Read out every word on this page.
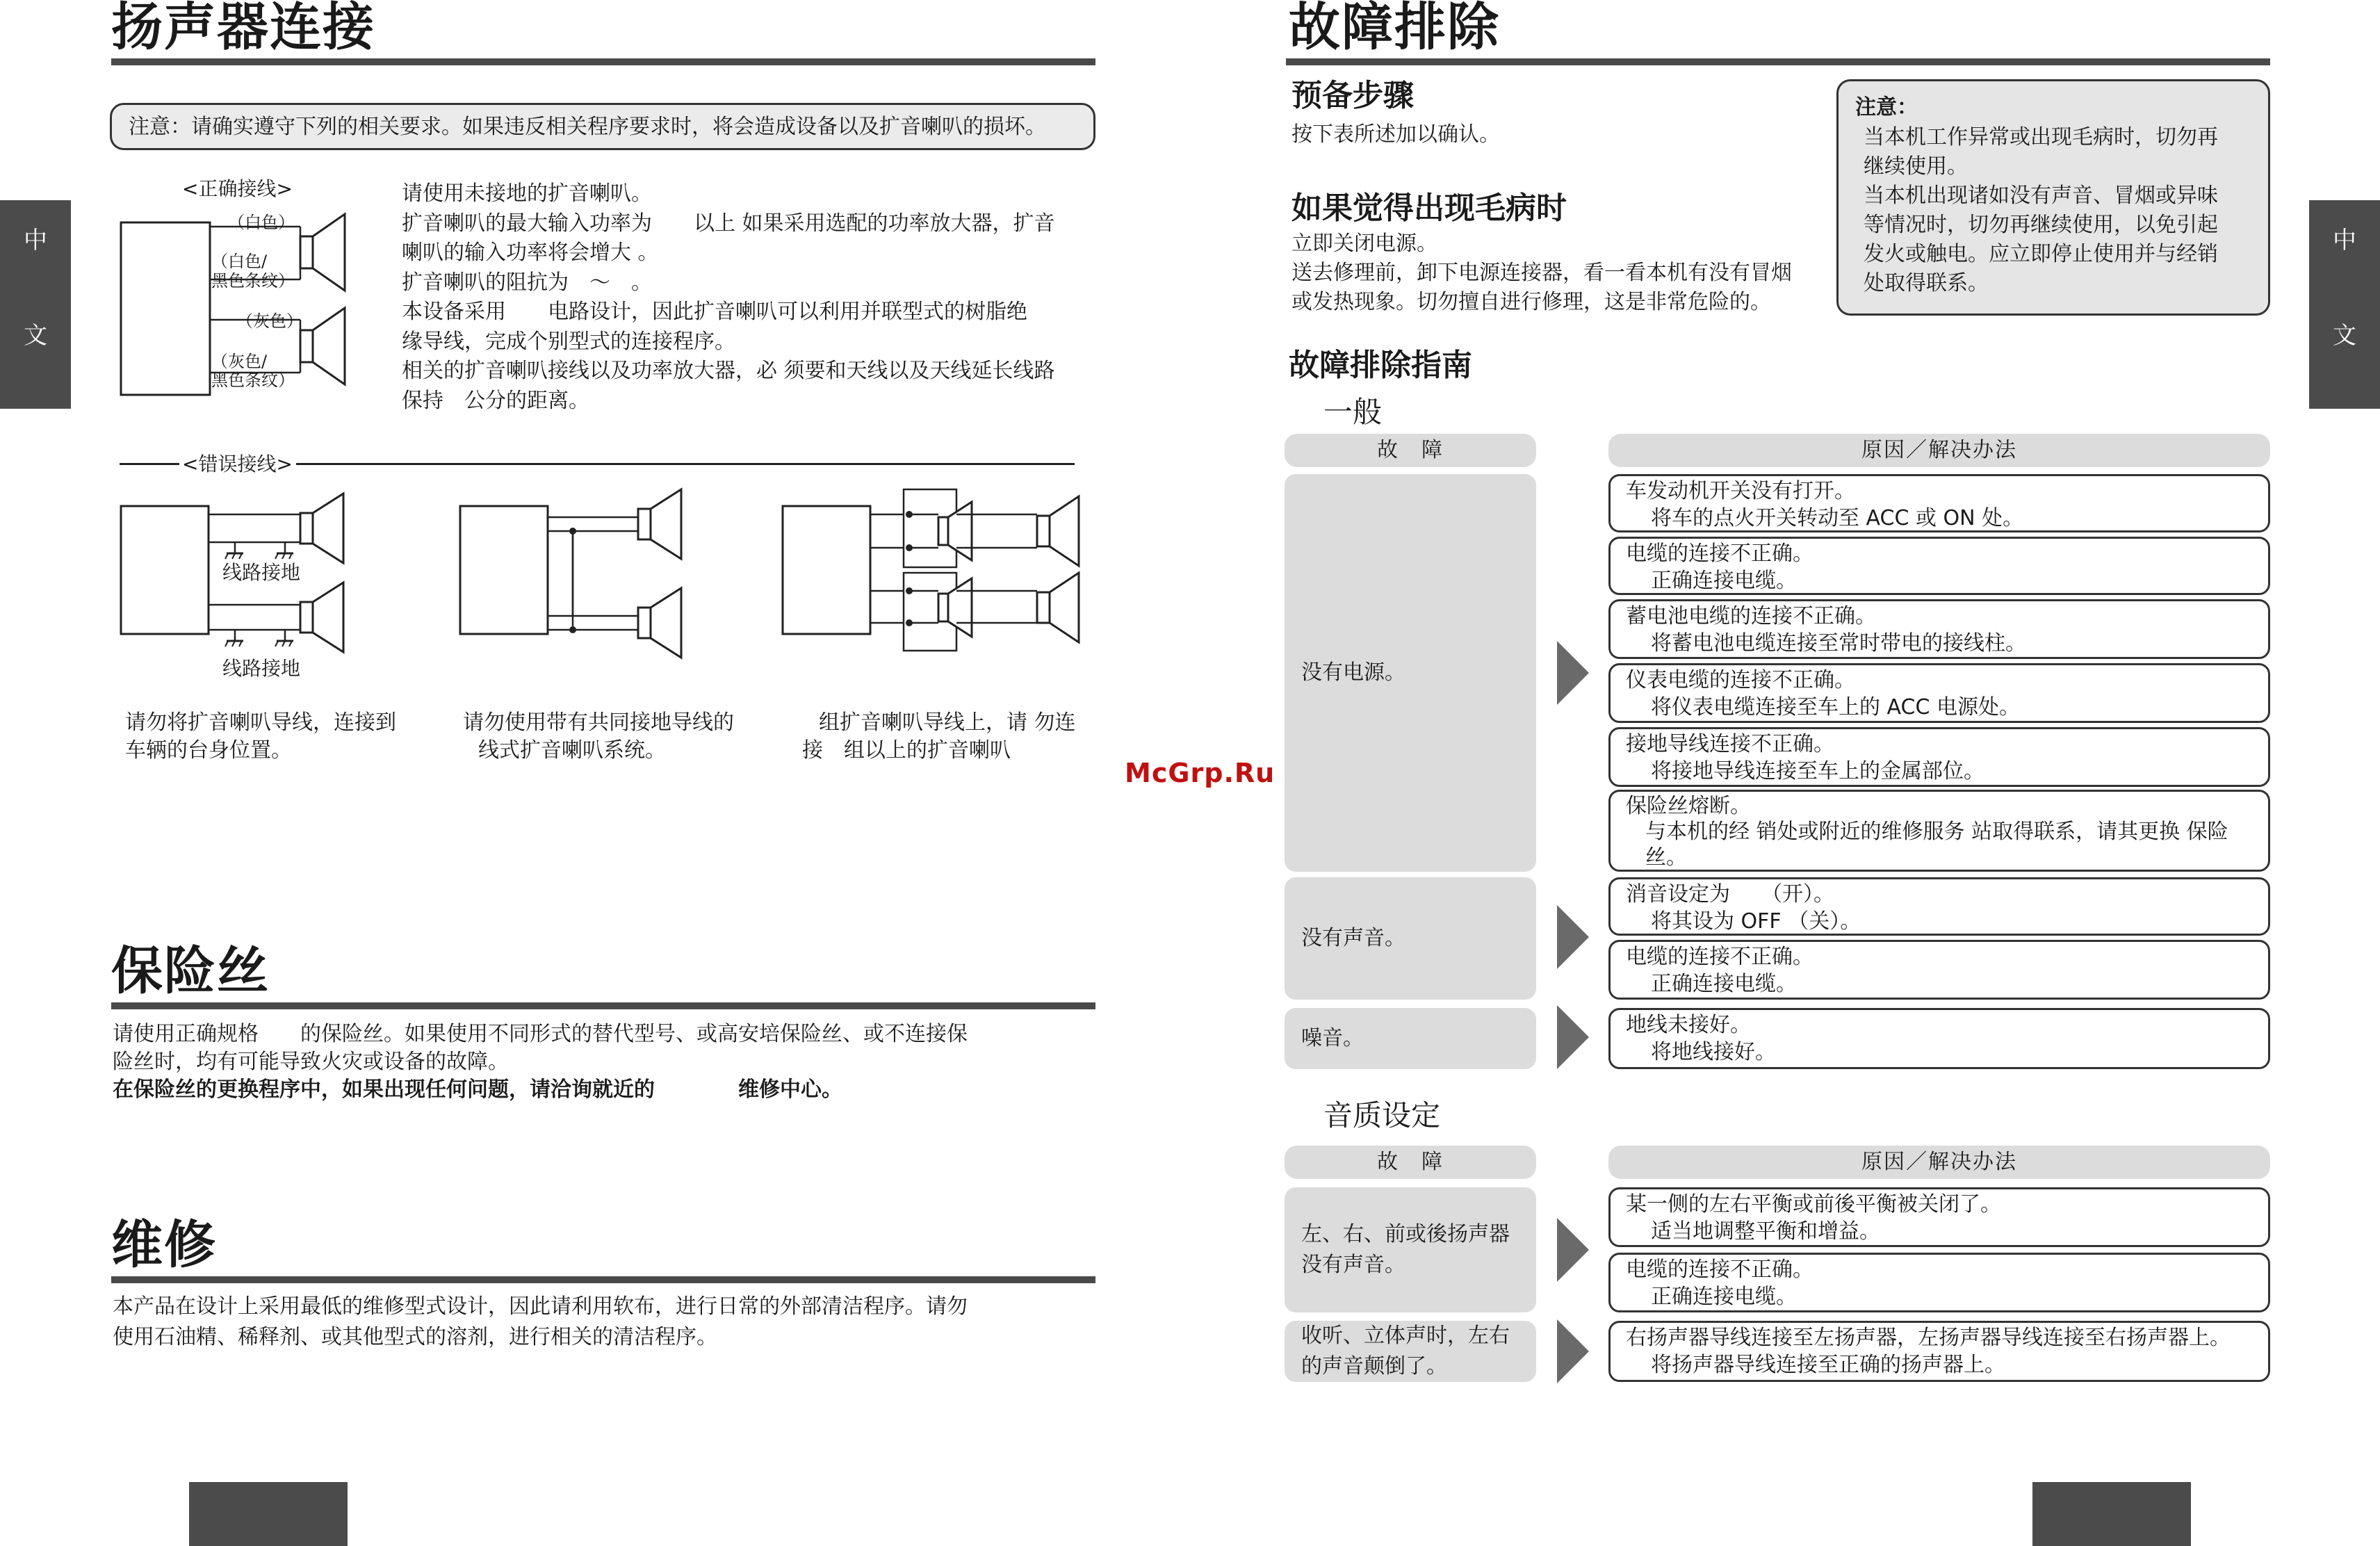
扬声器连接
注意：请确实遵守下列的相关要求。如果违反相关程序要求时，将会造成设备以及扩音喇叭的损坏。
<正确接线>
（白色）
（白色/
黑色条纹）
（灰色）
（灰色/
黑色条纹）
请使用未接地的扩音喇叭。
扩音喇叭的最大输入功率为　　以上 如果采用选配的功率放大器，扩音
喇叭的输入功率将会增大 。
扩音喇叭的阻抗为　～　。
本设备采用　　电路设计，因此扩音喇叭可以利用并联型式的树脂绝
缘导线，完成个别型式的连接程序。
相关的扩音喇叭接线以及功率放大器，必 须要和天线以及天线延长线路
保持　公分的距离。
<错误接线>
线路接地
线路接地
请勿将扩音喇叭导线，连接到
车辆的台身位置。
请勿使用带有共同接地导线的
线式扩音喇叭系统。
组扩音喇叭导线上，请 勿连
接　组以上的扩音喇叭
保险丝
请使用正确规格　　的保险丝。如果使用不同形式的替代型号、或高安培保险丝、或不连接保
险丝时，均有可能导致火灾或设备的故障。
在保险丝的更换程序中，如果出现任何问题，请洽询就近的　　　　维修中心。
维修
本产品在设计上采用最低的维修型式设计，因此请利用软布，进行日常的外部清洁程序。请勿
使用石油精、稀释剂、或其他型式的溶剂，进行相关的清洁程序。
中
文
中
文
McGrp.Ru
故障排除
预备步骤
按下表所述加以确认。
如果觉得出现毛病时
立即关闭电源。
送去修理前，卸下电源连接器，看一看本机有没有冒烟
或发热现象。切勿擅自进行修理，这是非常危险的。
注意：
当本机工作异常或出现毛病时，切勿再
继续使用。
当本机出现诸如没有声音、冒烟或异味
等情况时，切勿再继续使用，以免引起
发火或触电。应立即停止使用并与经销
处取得联系。
故障排除指南
一般
故　障	原因／解决办法
没有电源。
车发动机开关没有打开。
将车的点火开关转动至 ACC 或 ON 处。
电缆的连接不正确。
正确连接电缆。
蓄电池电缆的连接不正确。
将蓄电池电缆连接至常时带电的接线柱。
仪表电缆的连接不正确。
将仪表电缆连接至车上的 ACC 电源处。
接地导线连接不正确。
将接地导线连接至车上的金属部位。
保险丝熔断。
与本机的经 销处或附近的维修服务 站取得联系，请其更换 保险
丝。
没有声音。
消音设定为　　（开）。
将其设为 OFF （关）。
电缆的连接不正确。
正确连接电缆。
噪音。
地线未接好。
将地线接好。
音质设定
故　障	原因／解决办法
左、右、前或後扬声器
没有声音。
某一侧的左右平衡或前後平衡被关闭了。
适当地调整平衡和增益。
电缆的连接不正确。
正确连接电缆。
收听、立体声时，左右
的声音颠倒了。
右扬声器导线连接至左扬声器，左扬声器导线连接至右扬声器上。
将扬声器导线连接至正确的扬声器上。
